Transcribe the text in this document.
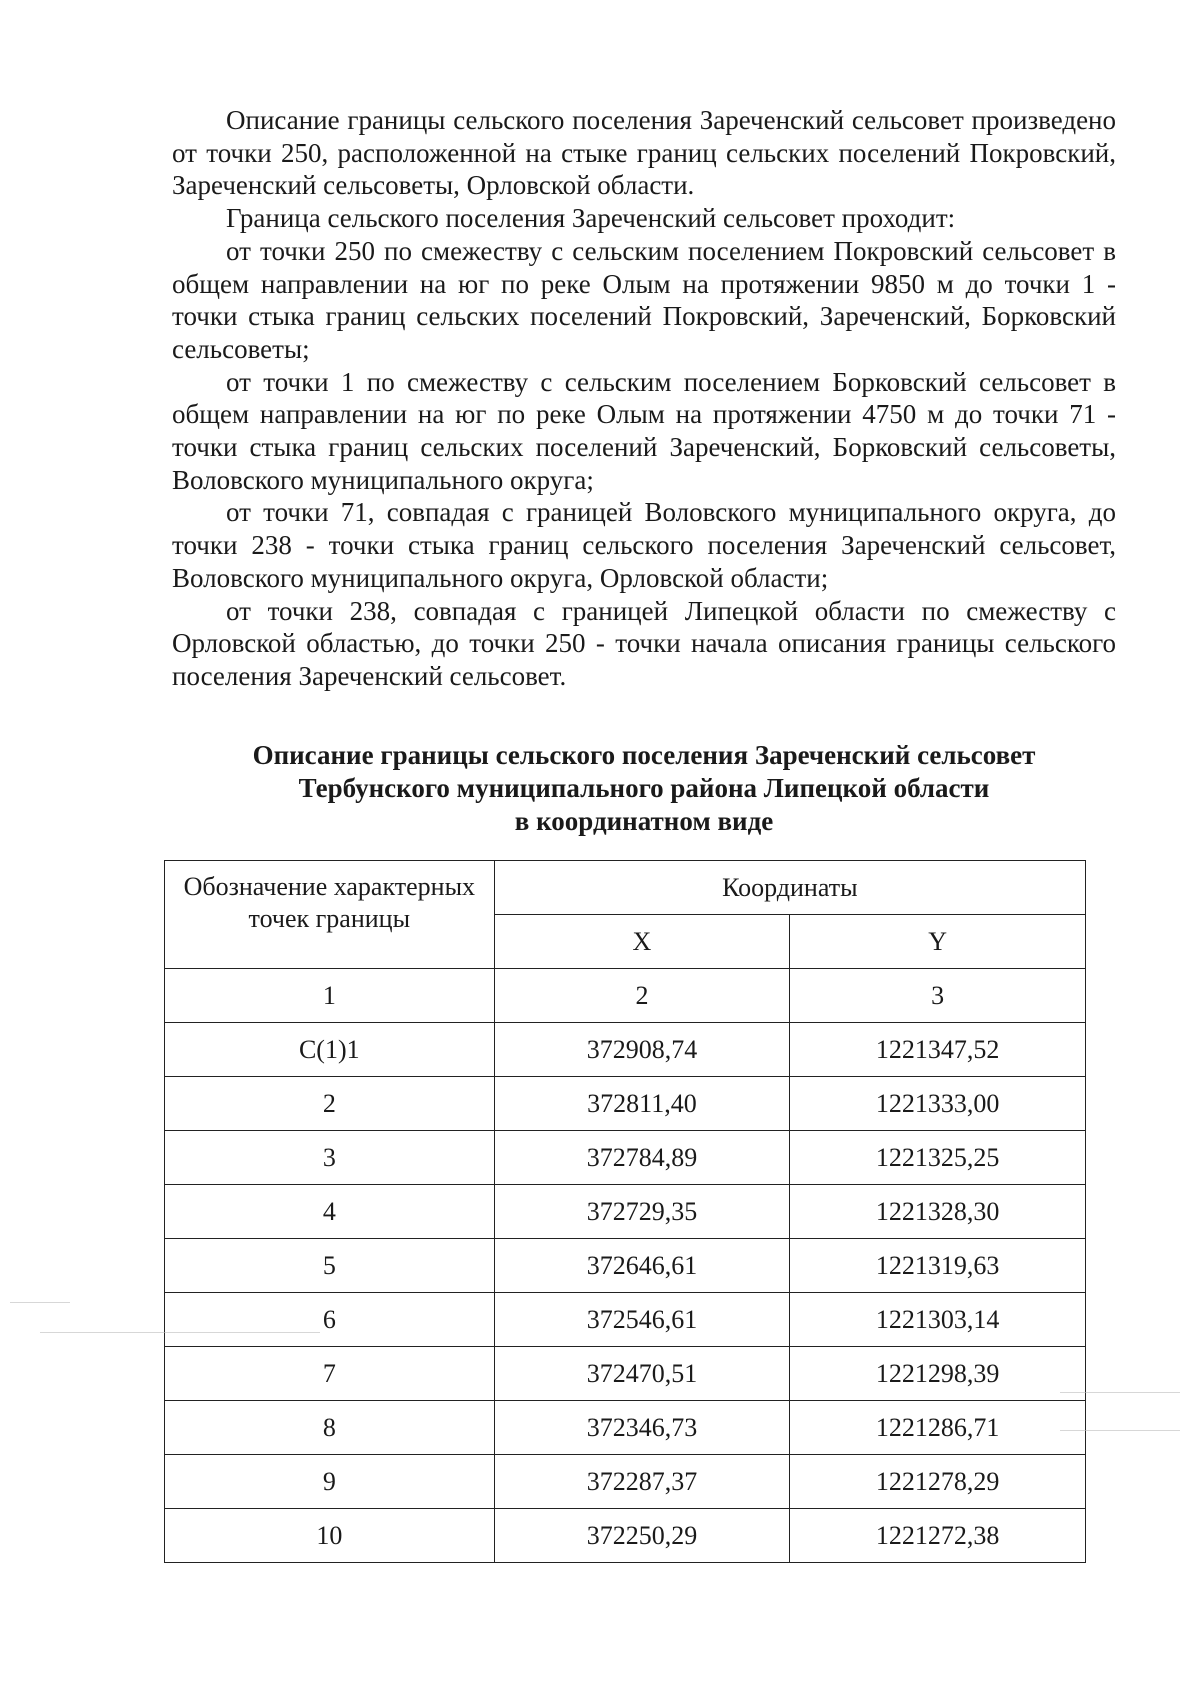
Описание границы сельского поселения Зареченский сельсовет произведено от точки 250, расположенной на стыке границ сельских поселений Покровский, Зареченский сельсоветы, Орловской области.

Граница сельского поселения Зареченский сельсовет проходит:

от точки 250 по смежеству с сельским поселением Покровский сельсовет в общем направлении на юг по реке Олым на протяжении 9850 м до точки 1 - точки стыка границ сельских поселений Покровский, Зареченский, Борковский сельсоветы;

от точки 1 по смежеству с сельским поселением Борковский сельсовет в общем направлении на юг по реке Олым на протяжении 4750 м до точки 71 - точки стыка границ сельских поселений Зареченский, Борковский сельсоветы, Воловского муниципального округа;

от точки 71, совпадая с границей Воловского муниципального округа, до точки 238 - точки стыка границ сельского поселения Зареченский сельсовет, Воловского муниципального округа, Орловской области;

от точки 238, совпадая с границей Липецкой области по смежеству с Орловской областью, до точки 250 - точки начала описания границы сельского поселения Зареченский сельсовет.

Описание границы сельского поселения Зареченский сельсовет
Тербунского муниципального района Липецкой области
в координатном виде
Обозначение характерных точек границы	Координаты	
	X	Y
1	2	3
С(1)1	372908,74	1221347,52
2	372811,40	1221333,00
3	372784,89	1221325,25
4	372729,35	1221328,30
5	372646,61	1221319,63
6	372546,61	1221303,14
7	372470,51	1221298,39
8	372346,73	1221286,71
9	372287,37	1221278,29
10	372250,29	1221272,38
